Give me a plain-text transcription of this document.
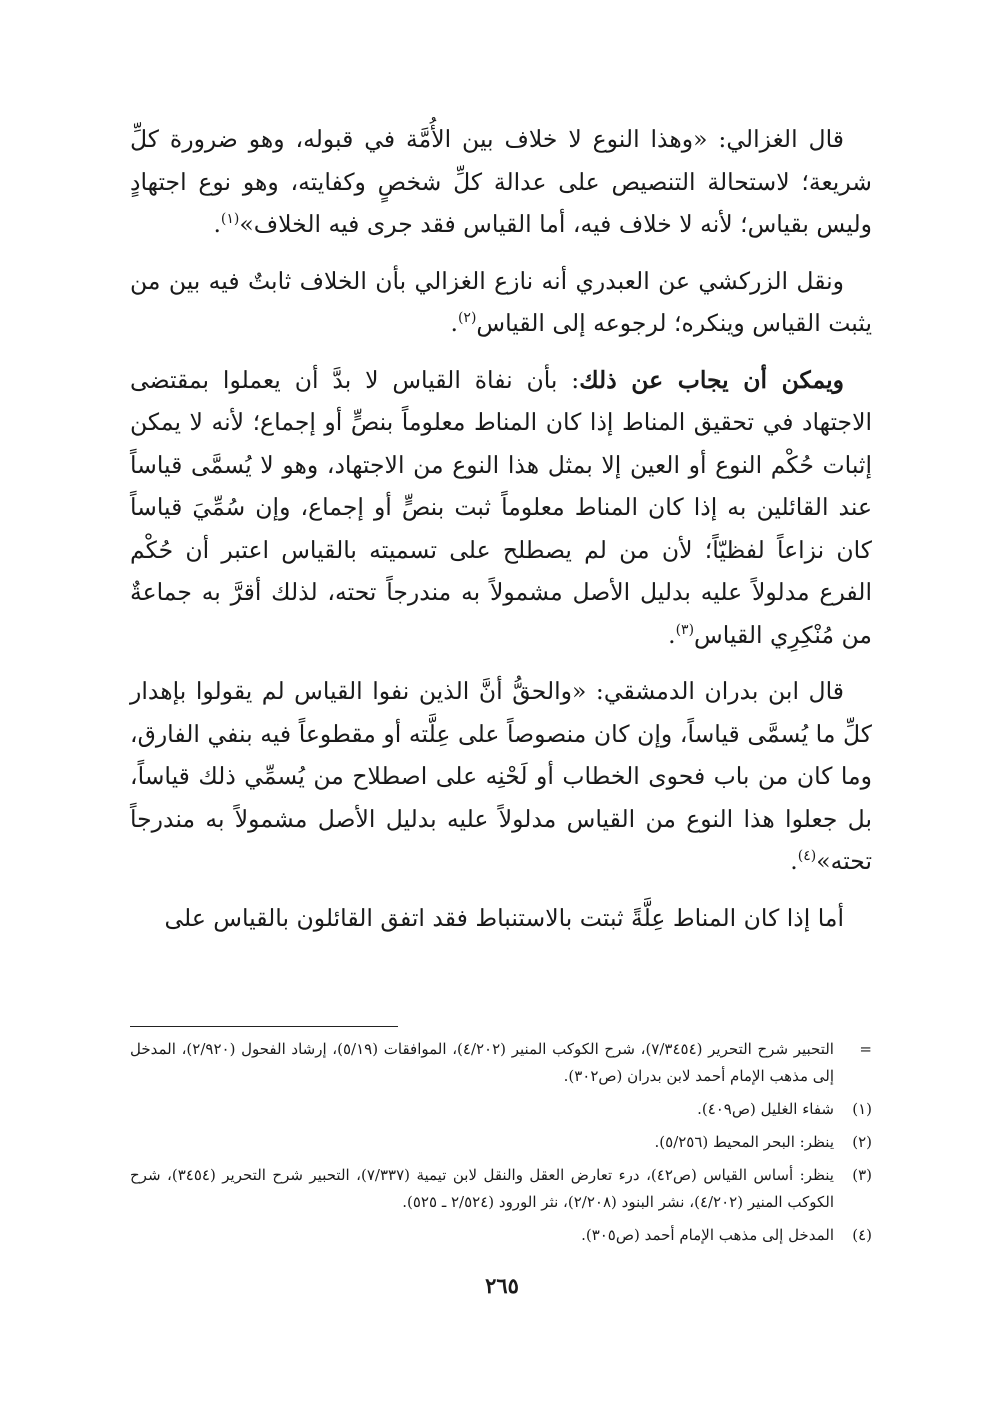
قال الغزالي: «وهذا النوع لا خلاف بين الأُمَّة في قبوله، وهو ضرورة كلِّ شريعة؛ لاستحالة التنصيص على عدالة كلِّ شخصٍ وكفايته، وهو نوع اجتهادٍ وليس بقياس؛ لأنه لا خلاف فيه، أما القياس فقد جرى فيه الخلاف»$^{(١)}$.

ونقل الزركشي عن العبدري أنه نازع الغزالي بأن الخلاف ثابتٌ فيه بين من يثبت القياس وينكره؛ لرجوعه إلى القياس$^{(٢)}$.

ويمكن أن يجاب عن ذلك: بأن نفاة القياس لا بدَّ أن يعملوا بمقتضى الاجتهاد في تحقيق المناط إذا كان المناط معلوماً بنصٍّ أو إجماع؛ لأنه لا يمكن إثبات حُكْم النوع أو العين إلا بمثل هذا النوع من الاجتهاد، وهو لا يُسمَّى قياساً عند القائلين به إذا كان المناط معلوماً ثبت بنصٍّ أو إجماع، وإن سُمِّيَ قياساً كان نزاعاً لفظيّاً؛ لأن من لم يصطلح على تسميته بالقياس اعتبر أن حُكْم الفرع مدلولاً عليه بدليل الأصل مشمولاً به مندرجاً تحته، لذلك أقرَّ به جماعةٌ من مُنْكِرِي القياس$^{(٣)}$.

قال ابن بدران الدمشقي: «والحقُّ أنَّ الذين نفوا القياس لم يقولوا بإهدار كلِّ ما يُسمَّى قياساً، وإن كان منصوصاً على عِلَّته أو مقطوعاً فيه بنفي الفارق، وما كان من باب فحوى الخطاب أو لَحْنِه على اصطلاح من يُسمِّي ذلك قياساً، بل جعلوا هذا النوع من القياس مدلولاً عليه بدليل الأصل مشمولاً به مندرجاً تحته»$^{(٤)}$.

أما إذا كان المناط عِلَّةً ثبتت بالاستنباط فقد اتفق القائلون بالقياس على

=
التحبير شرح التحرير (٧/٣٤٥٤)، شرح الكوكب المنير (٤/٢٠٢)، الموافقات (٥/١٩)، إرشاد الفحول (٢/٩٢٠)، المدخل إلى مذهب الإمام أحمد لابن بدران (ص٣٠٢).
(١)
شفاء الغليل (ص٤٠٩).
(٢)
ينظر: البحر المحيط (٥/٢٥٦).
(٣)
ينظر: أساس القياس (ص٤٢)، درء تعارض العقل والنقل لابن تيمية (٧/٣٣٧)، التحبير شرح التحرير (٣٤٥٤)، شرح الكوكب المنير (٤/٢٠٢)، نشر البنود (٢/٢٠٨)، نثر الورود (٢/٥٢٤ ـ ٥٢٥).
(٤)
المدخل إلى مذهب الإمام أحمد (ص٣٠٥).
٢٦٥
